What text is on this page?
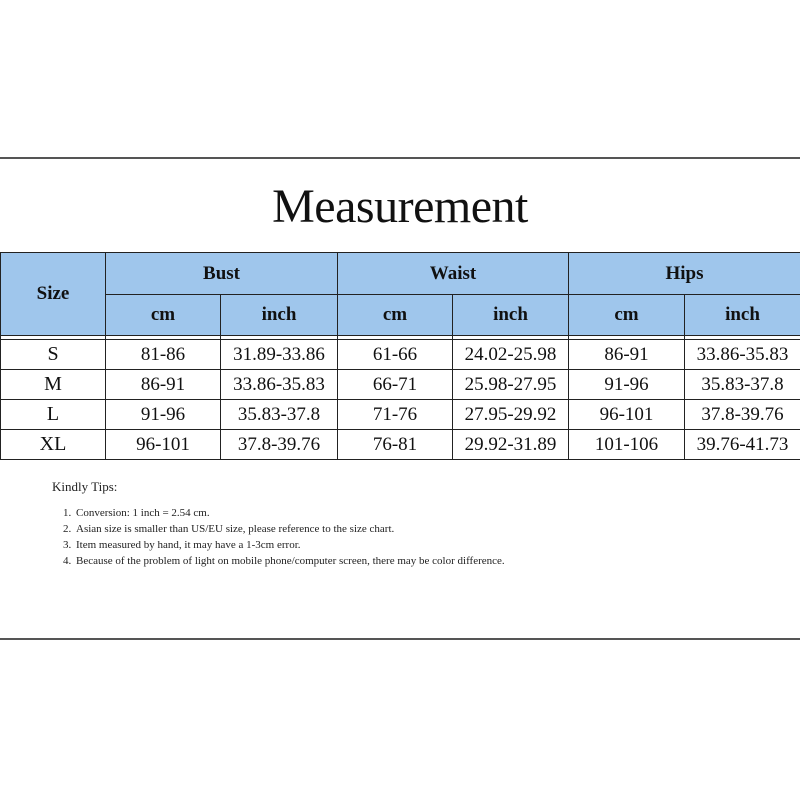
Measurement
Size	Bust		Waist		Hips	
	cm	inch	cm	inch	cm	inch

S	81-86	31.89-33.86	61-66	24.02-25.98	86-91	33.86-35.83
M	86-91	33.86-35.83	66-71	25.98-27.95	91-96	35.83-37.8
L	91-96	35.83-37.8	71-76	27.95-29.92	96-101	37.8-39.76
XL	96-101	37.8-39.76	76-81	29.92-31.89	101-106	39.76-41.73
Kindly Tips:
1. Conversion: 1 inch = 2.54 cm.
2. Asian size is smaller than US/EU size, please reference to the size chart.
3. Item measured by hand, it may have a 1-3cm error.
4. Because of the problem of light on mobile phone/computer screen, there may be color difference.
